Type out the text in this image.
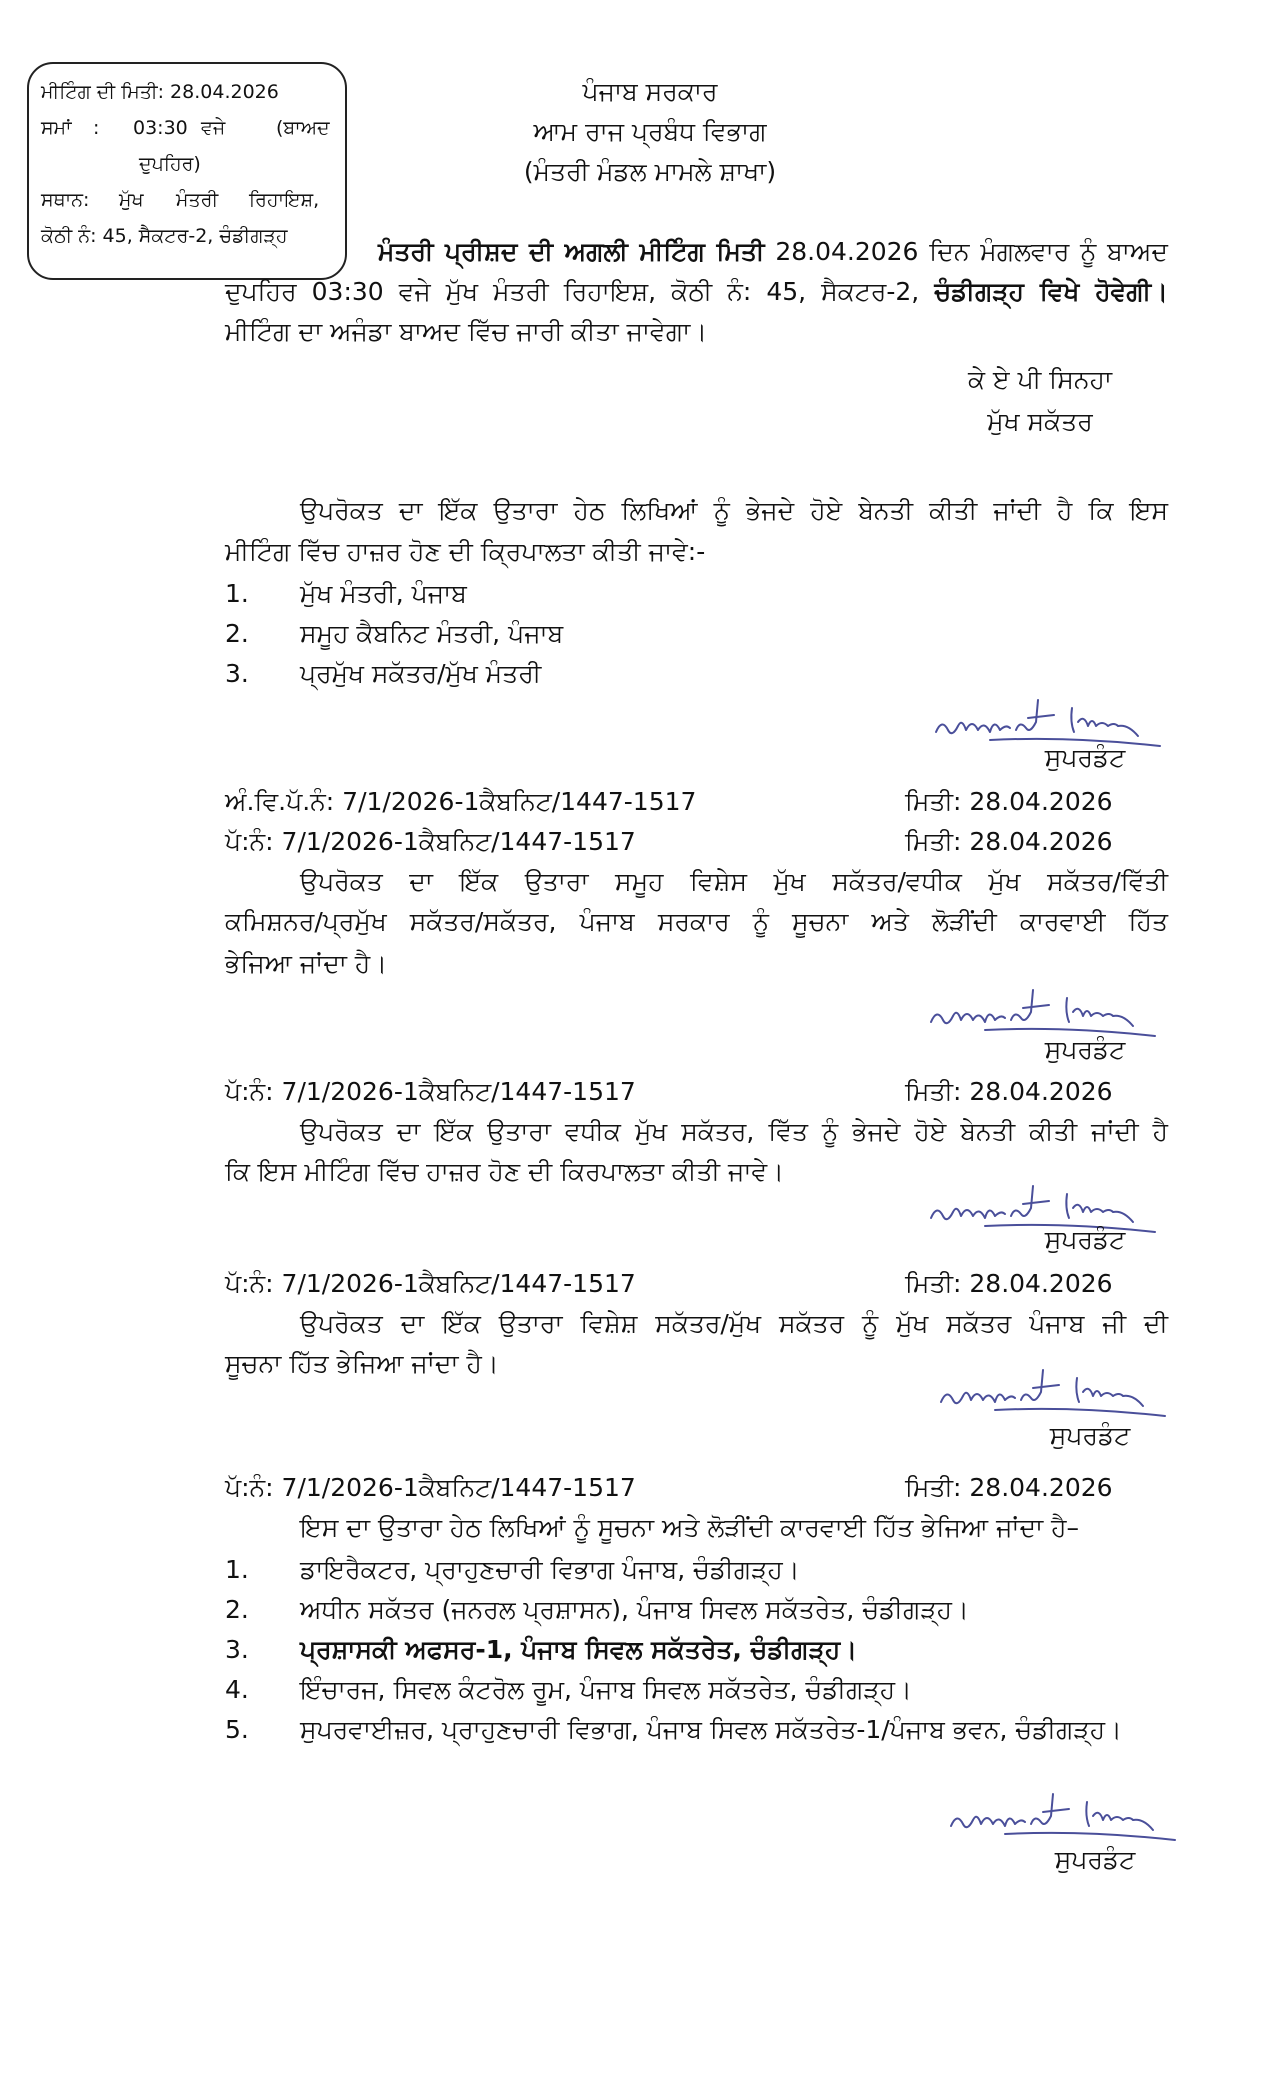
ਮੀਟਿੰਗ ਦੀ ਮਿਤੀ: 28.04.2026
ਸਮਾਂ : 03:30 ਵਜੇ	(ਬਾਅਦ
ਦੁਪਹਿਰ)
ਸਥਾਨ: ਮੁੱਖ ਮੰਤਰੀ ਰਿਹਾਇਸ਼,
ਕੋਠੀ ਨੰ: 45, ਸੈਕਟਰ-2, ਚੰਡੀਗੜ੍ਹ
ਪੰਜਾਬ ਸਰਕਾਰ
ਆਮ ਰਾਜ ਪ੍ਰਬੰਧ ਵਿਭਾਗ
(ਮੰਤਰੀ ਮੰਡਲ ਮਾਮਲੇ ਸ਼ਾਖਾ)
ਮੰਤਰੀ ਪ੍ਰੀਸ਼ਦ ਦੀ ਅਗਲੀ ਮੀਟਿੰਗ ਮਿਤੀ 28.04.2026 ਦਿਨ ਮੰਗਲਵਾਰ ਨੂੰ ਬਾਅਦ
ਦੁਪਹਿਰ 03:30 ਵਜੇ ਮੁੱਖ ਮੰਤਰੀ ਰਿਹਾਇਸ਼, ਕੋਠੀ ਨੰ: 45, ਸੈਕਟਰ-2, ਚੰਡੀਗੜ੍ਹ ਵਿਖੇ ਹੋਵੇਗੀ।
ਮੀਟਿੰਗ ਦਾ ਅਜੰਡਾ ਬਾਅਦ ਵਿੱਚ ਜਾਰੀ ਕੀਤਾ ਜਾਵੇਗਾ।
ਕੇ ਏ ਪੀ ਸਿਨਹਾ
ਮੁੱਖ ਸਕੱਤਰ
ਉਪਰੋਕਤ ਦਾ ਇੱਕ ਉਤਾਰਾ ਹੇਠ ਲਿਖਿਆਂ ਨੂੰ ਭੇਜਦੇ ਹੋਏ ਬੇਨਤੀ ਕੀਤੀ ਜਾਂਦੀ ਹੈ ਕਿ ਇਸ
ਮੀਟਿੰਗ ਵਿੱਚ ਹਾਜ਼ਰ ਹੋਣ ਦੀ ਕ੍ਰਿਪਾਲਤਾ ਕੀਤੀ ਜਾਵੇ:-
1. ਮੁੱਖ ਮੰਤਰੀ, ਪੰਜਾਬ
2. ਸਮੂਹ ਕੈਬਨਿਟ ਮੰਤਰੀ, ਪੰਜਾਬ
3. ਪ੍ਰਮੁੱਖ ਸਕੱਤਰ/ਮੁੱਖ ਮੰਤਰੀ
ਸੁਪਰਡੰਟ
ਅੰ.ਵਿ.ਪੱ.ਨੰ: 7/1/2026-1ਕੈਬਨਿਟ/1447-1517	ਮਿਤੀ: 28.04.2026
ਪੱ:ਨੰ: 7/1/2026-1ਕੈਬਨਿਟ/1447-1517	ਮਿਤੀ: 28.04.2026
ਉਪਰੋਕਤ ਦਾ ਇੱਕ ਉਤਾਰਾ ਸਮੂਹ ਵਿਸ਼ੇਸ ਮੁੱਖ ਸਕੱਤਰ/ਵਧੀਕ ਮੁੱਖ ਸਕੱਤਰ/ਵਿੱਤੀ
ਕਮਿਸ਼ਨਰ/ਪ੍ਰਮੁੱਖ ਸਕੱਤਰ/ਸਕੱਤਰ, ਪੰਜਾਬ ਸਰਕਾਰ ਨੂੰ ਸੂਚਨਾ ਅਤੇ ਲੋੜੀਂਦੀ ਕਾਰਵਾਈ ਹਿੱਤ
ਭੇਜਿਆ ਜਾਂਦਾ ਹੈ।
ਸੁਪਰਡੰਟ
ਪੱ:ਨੰ: 7/1/2026-1ਕੈਬਨਿਟ/1447-1517	ਮਿਤੀ: 28.04.2026
ਉਪਰੋਕਤ ਦਾ ਇੱਕ ਉਤਾਰਾ ਵਧੀਕ ਮੁੱਖ ਸਕੱਤਰ, ਵਿੱਤ ਨੂੰ ਭੇਜਦੇ ਹੋਏ ਬੇਨਤੀ ਕੀਤੀ ਜਾਂਦੀ ਹੈ
ਕਿ ਇਸ ਮੀਟਿੰਗ ਵਿੱਚ ਹਾਜ਼ਰ ਹੋਣ ਦੀ ਕਿਰਪਾਲਤਾ ਕੀਤੀ ਜਾਵੇ।
ਸੁਪਰਡੰਟ
ਪੱ:ਨੰ: 7/1/2026-1ਕੈਬਨਿਟ/1447-1517	ਮਿਤੀ: 28.04.2026
ਉਪਰੋਕਤ ਦਾ ਇੱਕ ਉਤਾਰਾ ਵਿਸ਼ੇਸ਼ ਸਕੱਤਰ/ਮੁੱਖ ਸਕੱਤਰ ਨੂੰ ਮੁੱਖ ਸਕੱਤਰ ਪੰਜਾਬ ਜੀ ਦੀ
ਸੂਚਨਾ ਹਿੱਤ ਭੇਜਿਆ ਜਾਂਦਾ ਹੈ।
ਸੁਪਰਡੰਟ
ਪੱ:ਨੰ: 7/1/2026-1ਕੈਬਨਿਟ/1447-1517	ਮਿਤੀ: 28.04.2026
ਇਸ ਦਾ ਉਤਾਰਾ ਹੇਠ ਲਿਖਿਆਂ ਨੂੰ ਸੂਚਨਾ ਅਤੇ ਲੋੜੀਂਦੀ ਕਾਰਵਾਈ ਹਿੱਤ ਭੇਜਿਆ ਜਾਂਦਾ ਹੈ–
1. ਡਾਇਰੈਕਟਰ, ਪ੍ਰਾਹੁਣਚਾਰੀ ਵਿਭਾਗ ਪੰਜਾਬ, ਚੰਡੀਗੜ੍ਹ।
2. ਅਧੀਨ ਸਕੱਤਰ (ਜਨਰਲ ਪ੍ਰਸ਼ਾਸਨ), ਪੰਜਾਬ ਸਿਵਲ ਸਕੱਤਰੇਤ, ਚੰਡੀਗੜ੍ਹ।
3. ਪ੍ਰਸ਼ਾਸਕੀ ਅਫਸਰ-1, ਪੰਜਾਬ ਸਿਵਲ ਸਕੱਤਰੇਤ, ਚੰਡੀਗੜ੍ਹ।
4. ਇੰਚਾਰਜ, ਸਿਵਲ ਕੰਟਰੋਲ ਰੂਮ, ਪੰਜਾਬ ਸਿਵਲ ਸਕੱਤਰੇਤ, ਚੰਡੀਗੜ੍ਹ।
5. ਸੁਪਰਵਾਈਜ਼ਰ, ਪ੍ਰਾਹੁਣਚਾਰੀ ਵਿਭਾਗ, ਪੰਜਾਬ ਸਿਵਲ ਸਕੱਤਰੇਤ-1/ਪੰਜਾਬ ਭਵਨ, ਚੰਡੀਗੜ੍ਹ।
ਸੁਪਰਡੰਟ
